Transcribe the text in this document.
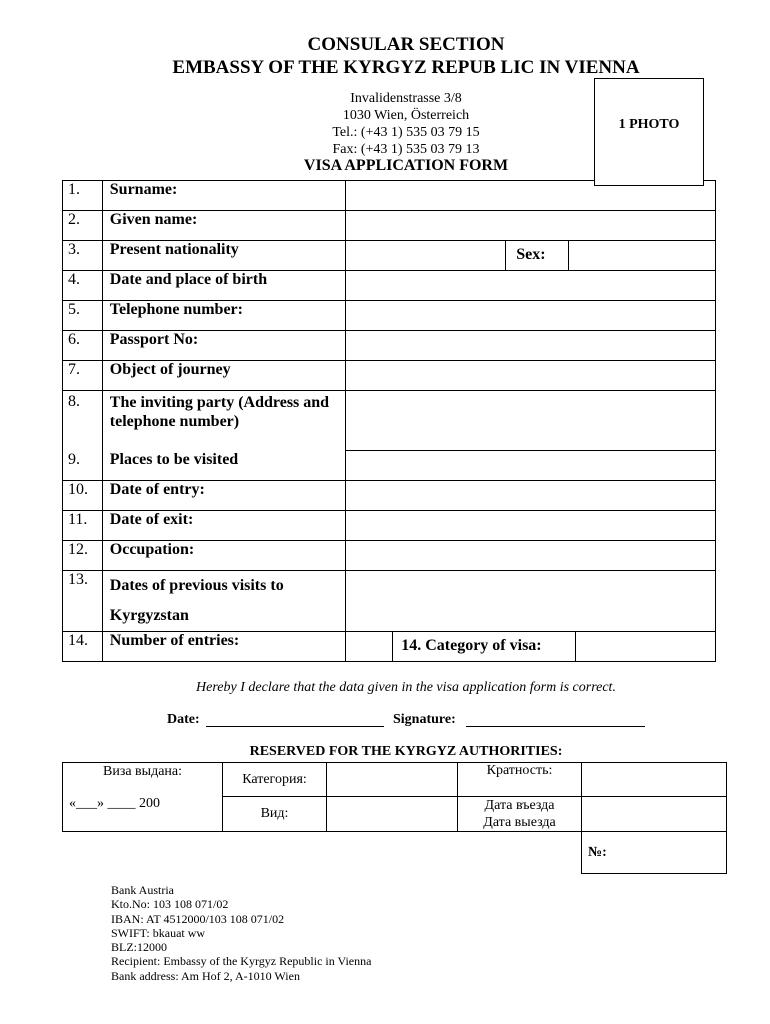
CONSULAR SECTION
EMBASSY OF THE KYRGYZ REPUB LIC IN VIENNA
Invalidenstrasse 3/8
1030 Wien, Österreich
Tel.: (+43 1) 535 03 79 15
Fax: (+43 1) 535 03 79 13
VISA APPLICATION FORM
1.	Surname:	
2.	Given name:	
3.	Present nationality	Sex:

4.	Date and place of birth	
5.	Telephone number:	
6.	Passport No:	
7.	Object of journey	
8.	The inviting party (Address and telephone number)	
9.	Places to be visited	
10.	Date of entry:	
11.	Date of exit:	
12.	Occupation:	
13.	Dates of previous visits to
Kyrgyzstan	

14.	Number of entries:	14. Category of visa:
1 PHOTO
Hereby I declare that the data given in the visa application form is correct.
Date:	Signature:
RESERVED FOR THE KYRGYZ AUTHORITIES:
Виза выдана:
«___» ____ 200	Категория:		Кратность:	
	Вид:		Дата въезда
Дата выезда	

				№:
Bank Austria
Kto.No: 103 108 071/02
IBAN: AT 4512000/103 108 071/02
SWIFT: bkauat ww
BLZ:12000
Recipient: Embassy of the Kyrgyz Republic in Vienna
Bank address: Am Hof 2, A-1010 Wien
